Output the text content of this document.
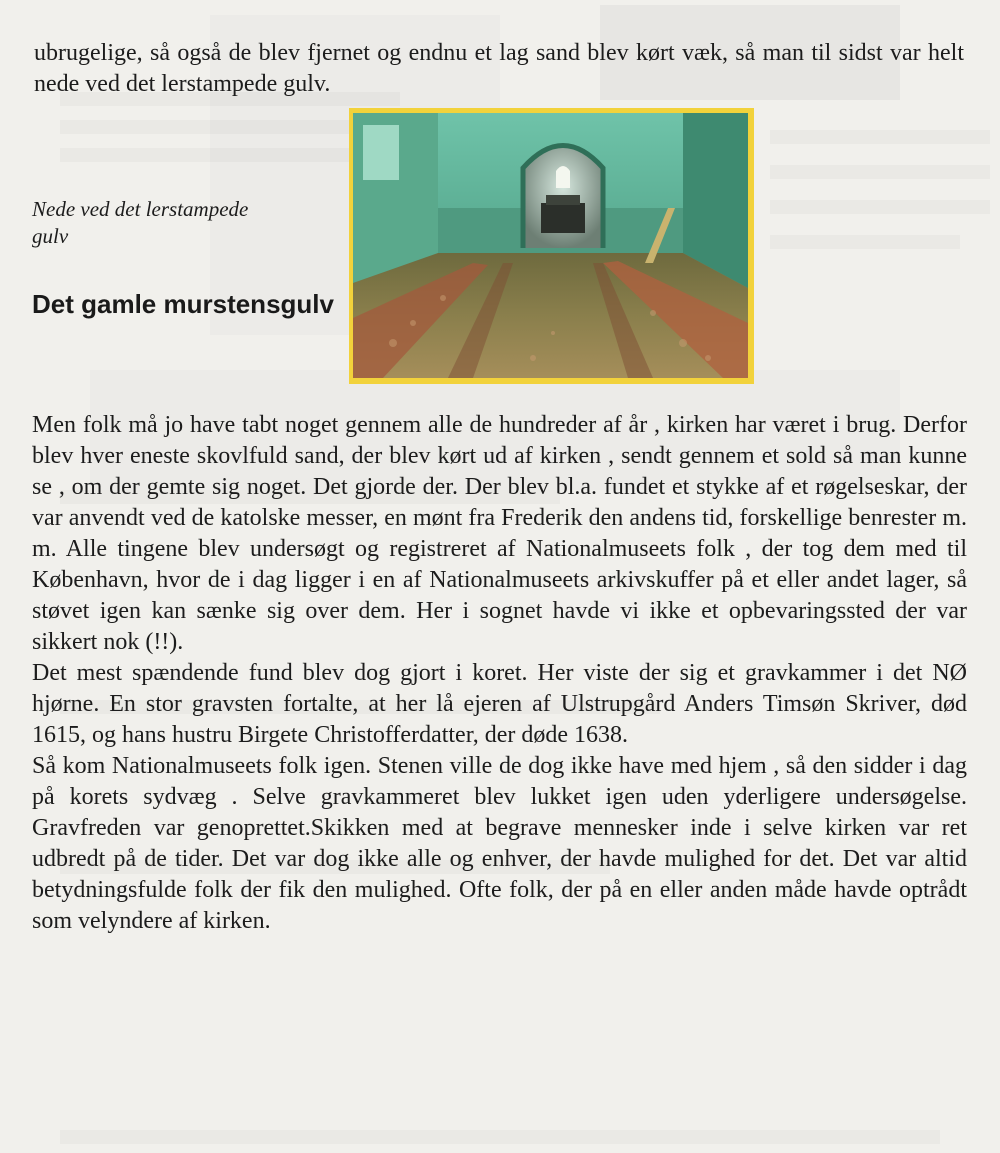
ubrugelige, så også de blev fjernet og endnu et lag sand blev kørt væk, så man til sidst var helt nede ved det lerstampede gulv.

Nede ved det lerstampede gulv

Det gamle murstensgulv

Men folk må jo have tabt noget gennem alle de hundreder af år , kirken har været i brug. Derfor blev hver eneste skovlfuld sand, der blev kørt ud af kirken , sendt gennem et sold så man kunne se , om der gemte sig noget. Det gjorde der. Der blev bl.a. fundet et stykke af et røgelseskar, der var anvendt ved de katolske messer, en mønt fra Frederik den andens tid, forskellige benrester m. m. Alle tingene blev undersøgt og registreret af Nationalmuseets folk , der tog dem med til København, hvor de i dag ligger i en af Nationalmuseets arkivskuffer på et eller andet lager, så støvet igen kan sænke sig over dem. Her i sognet havde vi ikke et opbevaringssted der var sikkert nok (!!).

Det mest spændende fund blev dog gjort i koret. Her viste der sig et gravkammer i det NØ hjørne. En stor gravsten fortalte, at her lå ejeren af Ulstrupgård Anders Timsøn Skriver, død 1615, og hans hustru Birgete Christofferdatter, der døde 1638.

Så kom Nationalmuseets folk igen. Stenen ville de dog ikke have med hjem , så den sidder i dag på korets sydvæg . Selve gravkammeret blev lukket igen uden yderligere undersøgelse. Gravfreden var genoprettet.Skikken med at begrave mennesker inde i selve kirken var ret udbredt på de tider. Det var dog ikke alle og enhver, der havde mulighed for det. Det var altid betydningsfulde folk der fik den mulighed. Ofte folk, der på en eller anden måde havde optrådt som velyndere af kirken.
